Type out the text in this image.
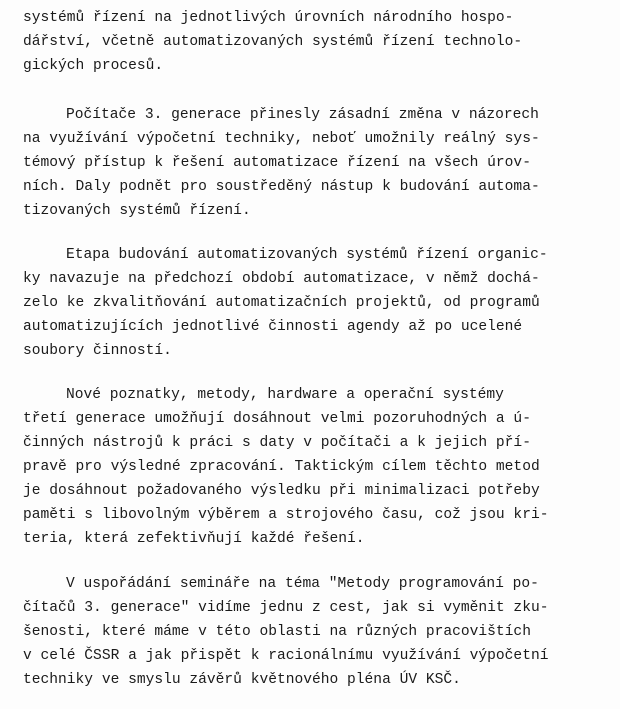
systémů řízení na jednotlivých úrovních národního hospo-

dářství, včetně automatizovaných systémů řízení technolo-

gických procesů.

Počítače 3. generace přinesly zásadní změna v názorech

na využívání výpočetní techniky, neboť umožnily reálný sys-

témový přístup k řešení automatizace řízení na všech úrov-

ních. Daly podnět pro soustředěný nástup k budování automa-

tizovaných systémů řízení.

Etapa budování automatizovaných systémů řízení organic-

ky navazuje na předchozí období automatizace, v němž dochá-

zelo ke zkvalitňování automatizačních projektů, od programů

automatizujících jednotlivé činnosti agendy až po ucelené

soubory činností.

Nové poznatky, metody, hardware a operační systémy

třetí generace umožňují dosáhnout velmi pozoruhodných a ú-

činných nástrojů k práci s daty v počítači a k jejich pří-

pravě pro výsledné zpracování. Taktickým cílem těchto metod

je dosáhnout požadovaného výsledku při minimalizaci potřeby

paměti s libovolným výběrem a strojového času, což jsou kri-

teria, která zefektivňují každé řešení.

V uspořádání semináře na téma "Metody programování po-

čítačů 3. generace" vidíme jednu z cest, jak si vyměnit zku-

šenosti, které máme v této oblasti na různých pracovištích

v celé ČSSR a jak přispět k racionálnímu využívání výpočetní

techniky ve smyslu závěrů květnového pléna ÚV KSČ.
